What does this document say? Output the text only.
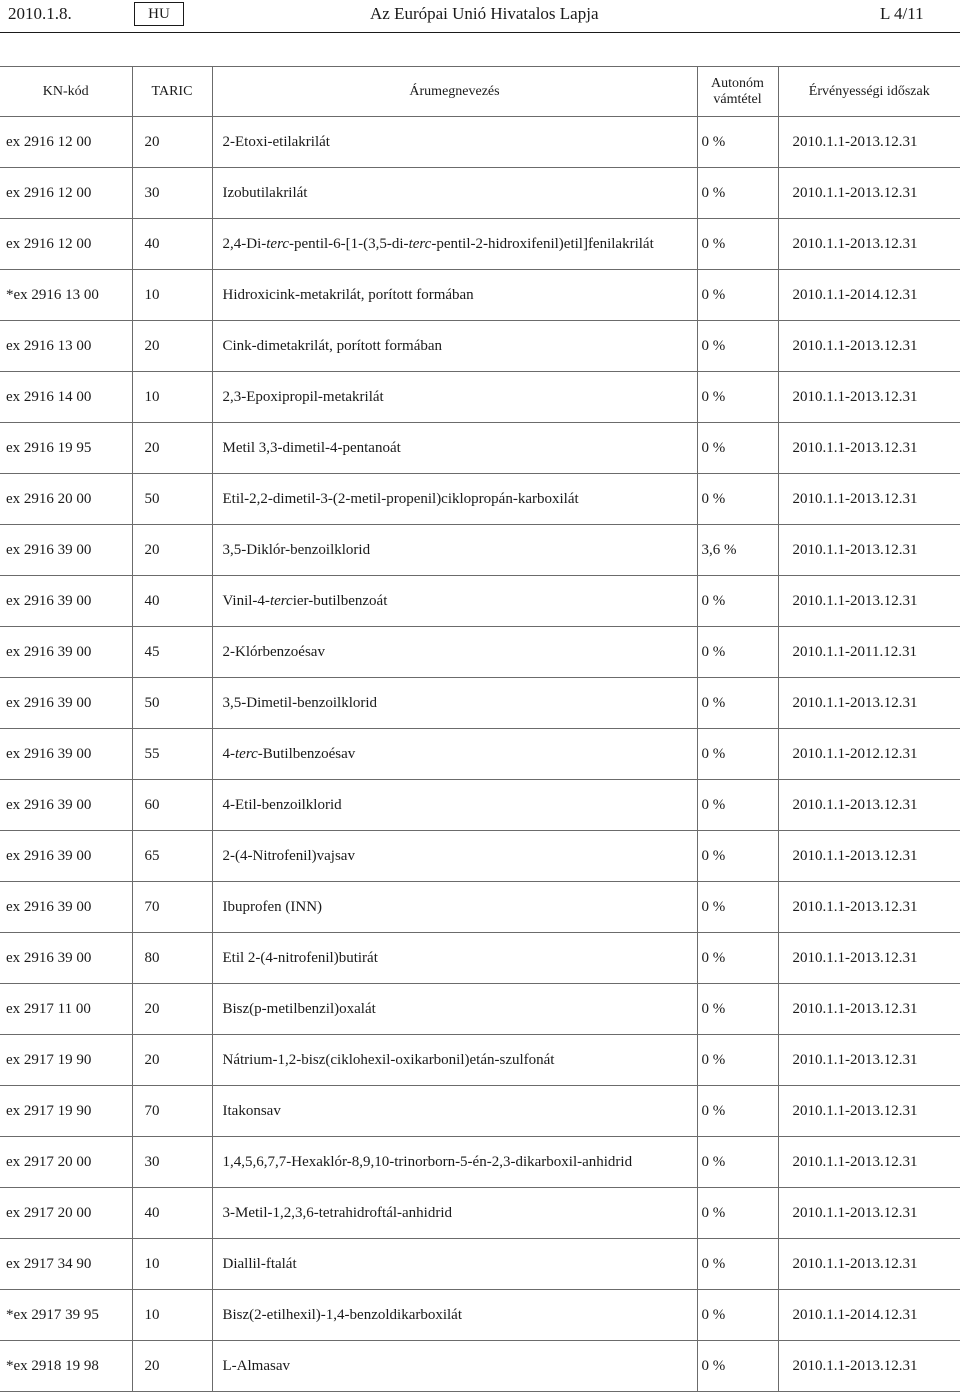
2010.1.8.	HU	Az Európai Unió Hivatalos Lapja	L 4/11
KN-kód	TARIC	Árumegnevezés	Autonóm vámtétel	Érvényességi időszak
ex 2916 12 00	20	2-Etoxi-etilakrilát	0 %	2010.1.1-2013.12.31
ex 2916 12 00	30	Izobutilakrilát	0 %	2010.1.1-2013.12.31
ex 2916 12 00	40	2,4-Di-terc-pentil-6-[1-(3,5-di-terc-pentil-2-hidroxifenil)etil]fenilakrilát	0 %	2010.1.1-2013.12.31
*ex 2916 13 00	10	Hidroxicink-metakrilát, porított formában	0 %	2010.1.1-2014.12.31
ex 2916 13 00	20	Cink-dimetakrilát, porított formában	0 %	2010.1.1-2013.12.31
ex 2916 14 00	10	2,3-Epoxipropil-metakrilát	0 %	2010.1.1-2013.12.31
ex 2916 19 95	20	Metil 3,3-dimetil-4-pentanoát	0 %	2010.1.1-2013.12.31
ex 2916 20 00	50	Etil-2,2-dimetil-3-(2-metil-propenil)ciklopropán-karboxilát	0 %	2010.1.1-2013.12.31
ex 2916 39 00	20	3,5-Diklór-benzoilklorid	3,6 %	2010.1.1-2013.12.31
ex 2916 39 00	40	Vinil-4-tercier-butilbenzoát	0 %	2010.1.1-2013.12.31
ex 2916 39 00	45	2-Klórbenzoésav	0 %	2010.1.1-2011.12.31
ex 2916 39 00	50	3,5-Dimetil-benzoilklorid	0 %	2010.1.1-2013.12.31
ex 2916 39 00	55	4-terc-Butilbenzoésav	0 %	2010.1.1-2012.12.31
ex 2916 39 00	60	4-Etil-benzoilklorid	0 %	2010.1.1-2013.12.31
ex 2916 39 00	65	2-(4-Nitrofenil)vajsav	0 %	2010.1.1-2013.12.31
ex 2916 39 00	70	Ibuprofen (INN)	0 %	2010.1.1-2013.12.31
ex 2916 39 00	80	Etil 2-(4-nitrofenil)butirát	0 %	2010.1.1-2013.12.31
ex 2917 11 00	20	Bisz(p-metilbenzil)oxalát	0 %	2010.1.1-2013.12.31
ex 2917 19 90	20	Nátrium-1,2-bisz(ciklohexil-oxikarbonil)etán-szulfonát	0 %	2010.1.1-2013.12.31
ex 2917 19 90	70	Itakonsav	0 %	2010.1.1-2013.12.31
ex 2917 20 00	30	1,4,5,6,7,7-Hexaklór-8,9,10-trinorborn-5-én-2,3-dikarboxil-anhidrid	0 %	2010.1.1-2013.12.31
ex 2917 20 00	40	3-Metil-1,2,3,6-tetrahidroftál-anhidrid	0 %	2010.1.1-2013.12.31
ex 2917 34 90	10	Diallil-ftalát	0 %	2010.1.1-2013.12.31
*ex 2917 39 95	10	Bisz(2-etilhexil)-1,4-benzoldikarboxilát	0 %	2010.1.1-2014.12.31
*ex 2918 19 98	20	L-Almasav	0 %	2010.1.1-2013.12.31
